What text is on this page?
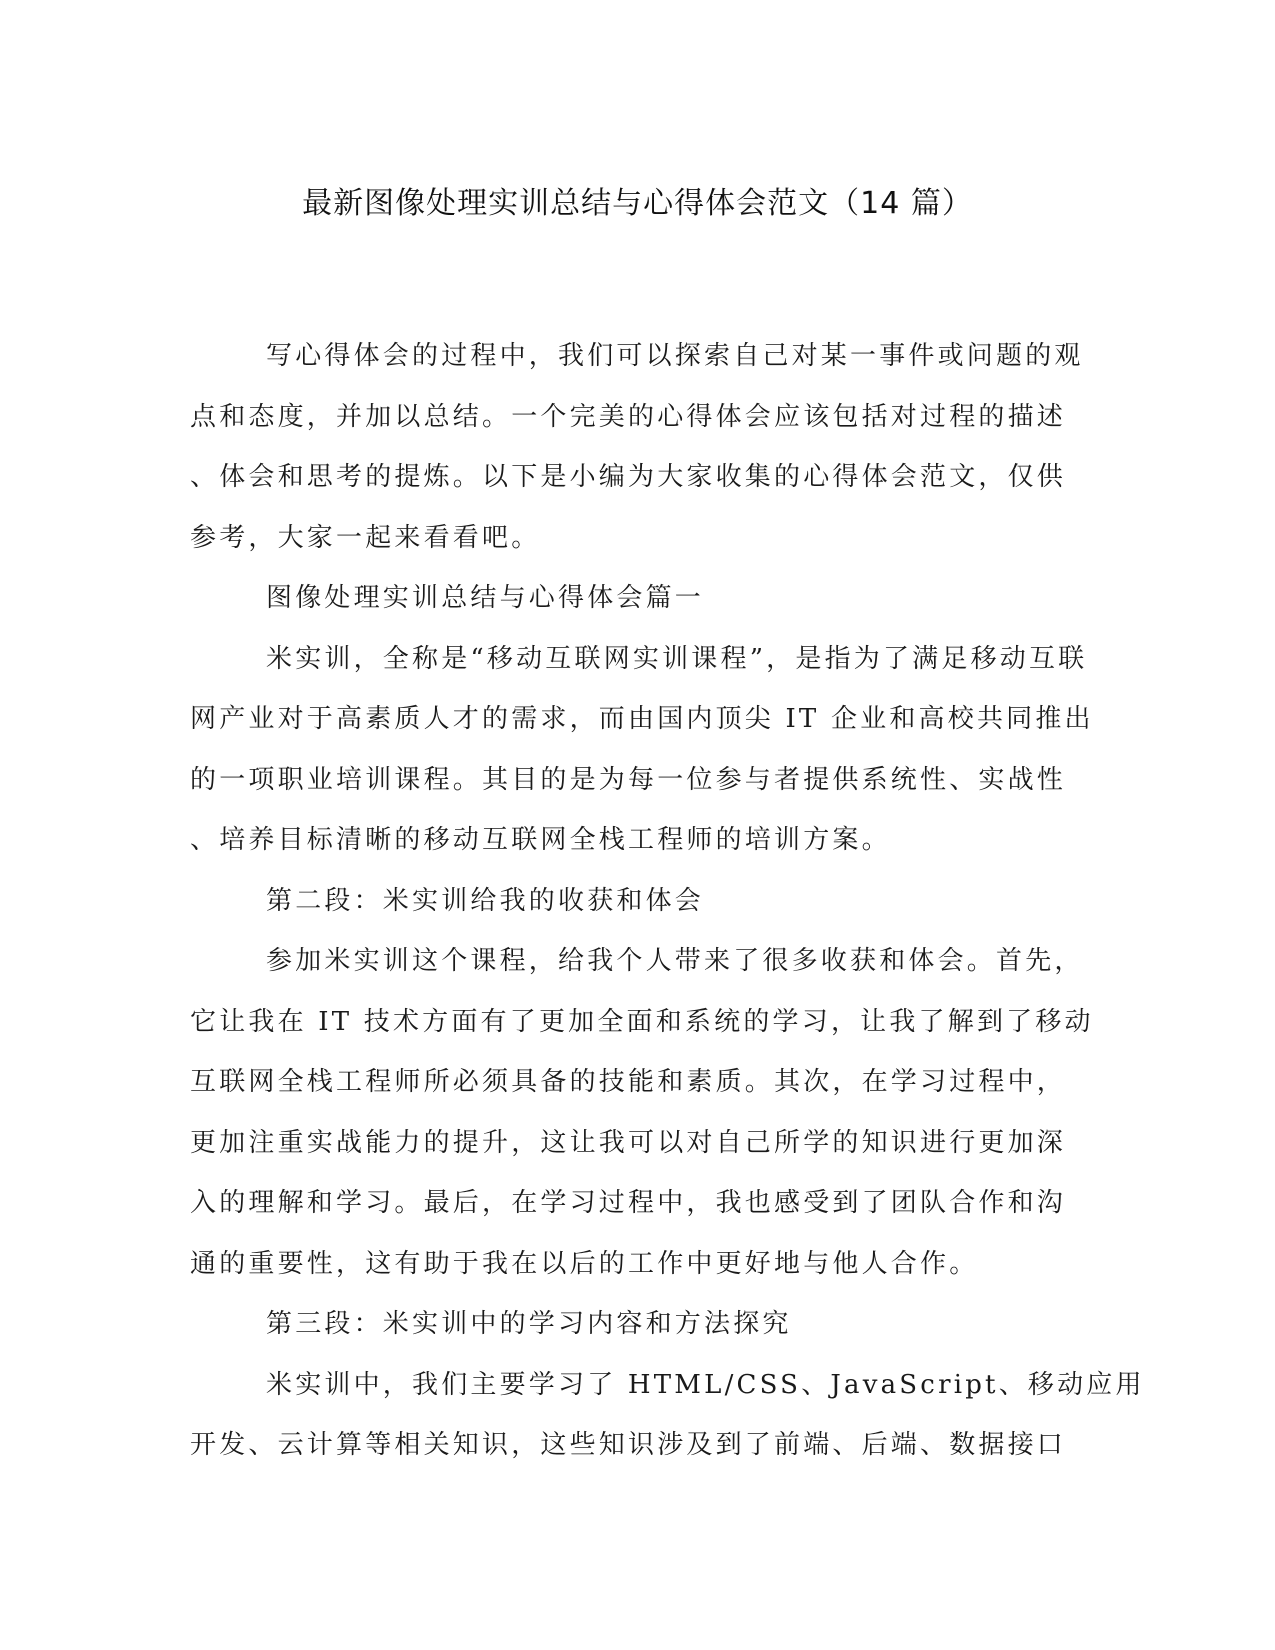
最新图像处理实训总结与心得体会范文（14 篇）
写心得体会的过程中，我们可以探索自己对某一事件或问题的观
点和态度，并加以总结。一个完美的心得体会应该包括对过程的描述
、体会和思考的提炼。以下是小编为大家收集的心得体会范文，仅供
参考，大家一起来看看吧。
图像处理实训总结与心得体会篇一
米实训，全称是“移动互联网实训课程”，是指为了满足移动互联
网产业对于高素质人才的需求，而由国内顶尖 IT 企业和高校共同推出
的一项职业培训课程。其目的是为每一位参与者提供系统性、实战性
、培养目标清晰的移动互联网全栈工程师的培训方案。
第二段：米实训给我的收获和体会
参加米实训这个课程，给我个人带来了很多收获和体会。首先，
它让我在 IT 技术方面有了更加全面和系统的学习，让我了解到了移动
互联网全栈工程师所必须具备的技能和素质。其次，在学习过程中，
更加注重实战能力的提升，这让我可以对自己所学的知识进行更加深
入的理解和学习。最后，在学习过程中，我也感受到了团队合作和沟
通的重要性，这有助于我在以后的工作中更好地与他人合作。
第三段：米实训中的学习内容和方法探究
米实训中，我们主要学习了 HTML/CSS、JavaScript、移动应用
开发、云计算等相关知识，这些知识涉及到了前端、后端、数据接口
